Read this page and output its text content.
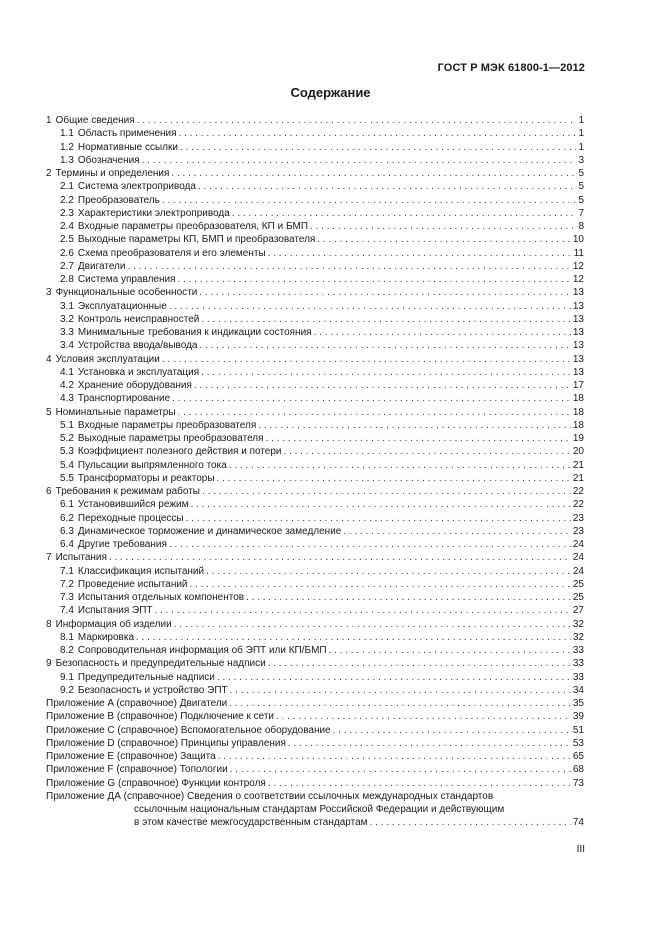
ГОСТ Р МЭК 61800-1—2012
Содержание
1 Общие сведения . . .	1
1.1 Область применения . . .	1
1.2 Нормативные ссылки . . .	1
1.3 Обозначения . . .	3
2 Термины и определения . . .	5
2.1 Система электропривода . . .	5
2.2 Преобразователь . . .	5
2.3 Характеристики электропривода . . .	7
2.4 Входные параметры преобразователя, КП и БМП . . .	8
2.5 Выходные параметры КП, БМП и преобразователя . . .	10
2.6 Схема преобразователя и его элементы . . .	11
2.7 Двигатели . . .	12
2.8 Система управления . . .	12
3 Функциональные особенности . . .	13
3.1 Эксплуатационные . . .	13
3.2 Контроль неисправностей . . .	13
3.3 Минимальные требования к индикации состояния . . .	13
3.4 Устройства ввода/вывода . . .	13
4 Условия эксплуатации . . .	13
4.1 Установка и эксплуатация . . .	13
4.2 Хранение оборудования . . .	17
4.3 Транспортирование . . .	18
5 Номинальные параметры . . .	18
5.1 Входные параметры преобразователя . . .	18
5.2 Выходные параметры преобразователя . . .	19
5.3 Коэффициент полезного действия и потери . . .	20
5.4 Пульсации выпрямленного тока . . .	21
5.5 Трансформаторы и реакторы . . .	21
6 Требования к режимам работы . . .	22
6.1 Установившийся режим . . .	22
6.2 Переходные процессы . . .	23
6.3 Динамическое торможение и динамическое замедление . . .	23
6.4 Другие требования . . .	24
7 Испытания . . .	24
7.1 Классификация испытаний . . .	24
7.2 Проведение испытаний . . .	25
7.3 Испытания отдельных компонентов . . .	25
7.4 Испытания ЭПТ . . .	27
8 Информация об изделии . . .	32
8.1 Маркировка . . .	32
8.2 Сопроводительная информация об ЭПТ или КП/БМП . . .	33
9 Безопасность и предупредительные надписи . . .	33
9.1 Предупредительные надписи . . .	33
9.2 Безопасность и устройство ЭПТ . . .	34
Приложение A (справочное) Двигатели . . .	35
Приложение B (справочное) Подключение к сети . . .	39
Приложение C (справочное) Вспомогательное оборудование . . .	51
Приложение D (справочное) Принципы управления . . .	53
Приложение E (справочное) Защита . . .	65
Приложение F (справочное) Топологии . . .	68
Приложение G (справочное) Функции контроля . . .	73
Приложение ДА (справочное) Сведения о соответствии ссылочных международных стандартов
ссылочным национальным стандартам Российской Федерации и действующим
в этом качестве межгосударственным стандартам . . .	74
III
